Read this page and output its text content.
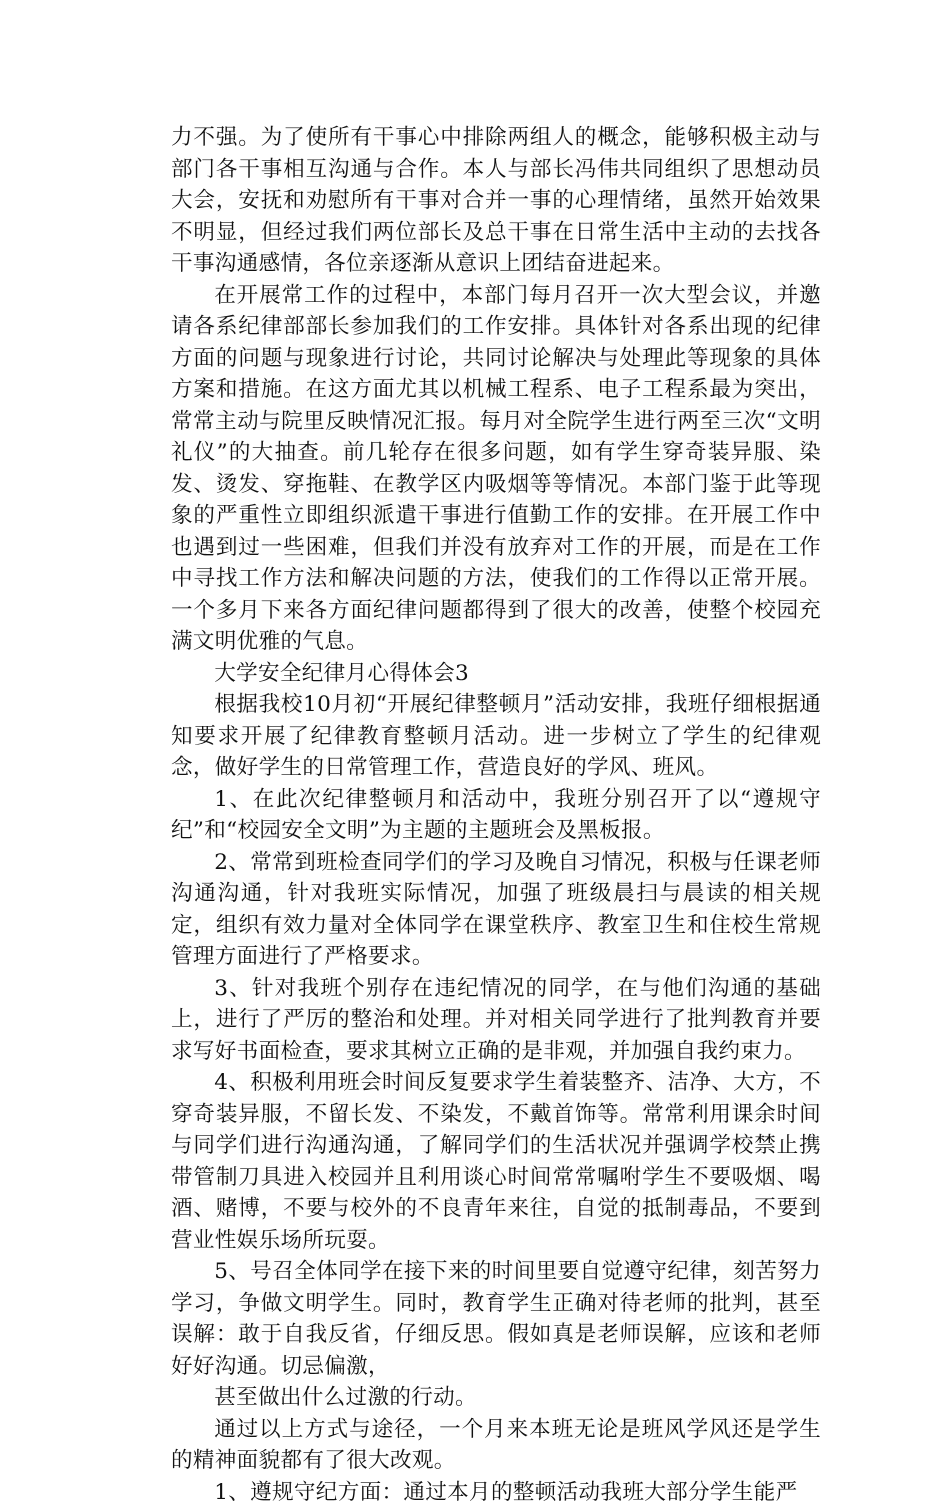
力不强。为了使所有干事心中排除两组人的概念，能够积极主动与部门各干事相互沟通与合作。本人与部长冯伟共同组织了思想动员大会，安抚和劝慰所有干事对合并一事的心理情绪，虽然开始效果不明显，但经过我们两位部长及总干事在日常生活中主动的去找各干事沟通感情，各位亲逐渐从意识上团结奋进起来。

在开展常工作的过程中，本部门每月召开一次大型会议，并邀请各系纪律部部长参加我们的工作安排。具体针对各系出现的纪律方面的问题与现象进行讨论，共同讨论解决与处理此等现象的具体方案和措施。在这方面尤其以机械工程系、电子工程系最为突出，常常主动与院里反映情况汇报。每月对全院学生进行两至三次“文明礼仪”的大抽查。前几轮存在很多问题，如有学生穿奇装异服、染发、烫发、穿拖鞋、在教学区内吸烟等等情况。本部门鉴于此等现象的严重性立即组织派遣干事进行值勤工作的安排。在开展工作中也遇到过一些困难，但我们并没有放弃对工作的开展，而是在工作中寻找工作方法和解决问题的方法，使我们的工作得以正常开展。一个多月下来各方面纪律问题都得到了很大的改善，使整个校园充满文明优雅的气息。

大学安全纪律月心得体会3

根据我校10月初“开展纪律整顿月”活动安排，我班仔细根据通知要求开展了纪律教育整顿月活动。进一步树立了学生的纪律观念，做好学生的日常管理工作，营造良好的学风、班风。

1、在此次纪律整顿月和活动中，我班分别召开了以“遵规守纪”和“校园安全文明”为主题的主题班会及黑板报。

2、常常到班检查同学们的学习及晚自习情况，积极与任课老师沟通沟通，针对我班实际情况，加强了班级晨扫与晨读的相关规定，组织有效力量对全体同学在课堂秩序、教室卫生和住校生常规管理方面进行了严格要求。

3、针对我班个别存在违纪情况的同学，在与他们沟通的基础上，进行了严厉的整治和处理。并对相关同学进行了批判教育并要求写好书面检查，要求其树立正确的是非观，并加强自我约束力。

4、积极利用班会时间反复要求学生着装整齐、洁净、大方，不穿奇装异服，不留长发、不染发，不戴首饰等。常常利用课余时间与同学们进行沟通沟通，了解同学们的生活状况并强调学校禁止携带管制刀具进入校园并且利用谈心时间常常嘱咐学生不要吸烟、喝酒、赌博，不要与校外的不良青年来往，自觉的抵制毒品，不要到营业性娱乐场所玩耍。

5、号召全体同学在接下来的时间里要自觉遵守纪律，刻苦努力学习，争做文明学生。同时，教育学生正确对待老师的批判，甚至误解：敢于自我反省，仔细反思。假如真是老师误解，应该和老师好好沟通。切忌偏激，

甚至做出什么过激的行动。

通过以上方式与途径，一个月来本班无论是班风学风还是学生的精神面貌都有了很大改观。

1、遵规守纪方面：通过本月的整顿活动我班大部分学生能严
